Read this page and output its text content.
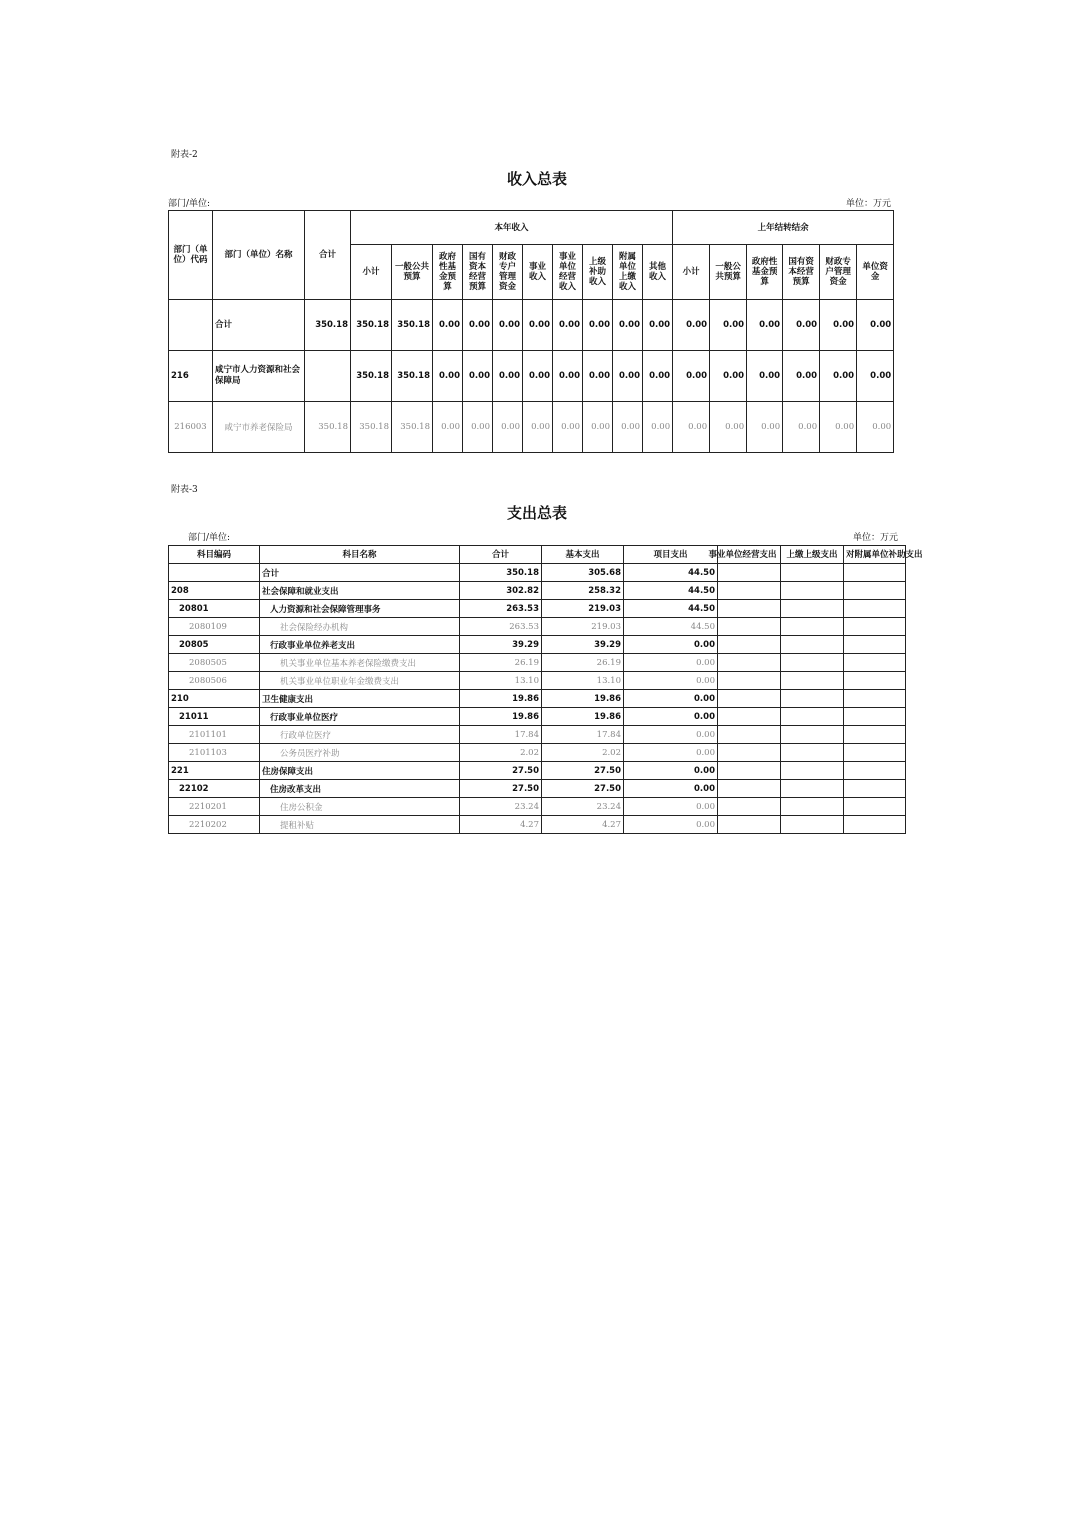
附表-2
收入总表
部门/单位:	单位：万元
部门（单位）代码	部门（单位）名称	合计	本年收入										上年结转结余					
			小计	一般公共预算	政府性基金预算	国有资本经营预算	财政专户管理资金	事业收入	事业单位经营收入	上级补助收入	附属单位上缴收入	其他收入	小计	一般公共预算	政府性基金预算	国有资本经营预算	财政专户管理资金	单位资金
	合计	350.18	350.18	350.18	0.00	0.00	0.00	0.00	0.00	0.00	0.00	0.00	0.00	0.00	0.00	0.00	0.00	0.00
216	咸宁市人力资源和社会保障局		350.18	350.18	0.00	0.00	0.00	0.00	0.00	0.00	0.00	0.00	0.00	0.00	0.00	0.00	0.00	0.00
216003	咸宁市养老保险局	350.18	350.18	350.18	0.00	0.00	0.00	0.00	0.00	0.00	0.00	0.00	0.00	0.00	0.00	0.00	0.00	0.00
附表-3
支出总表
部门/单位:	单位：万元
科目编码	科目名称	合计	基本支出	项目支出	事业单位经营支出	上缴上级支出	对附属单位补助支出
	合计	350.18	305.68	44.50			
208	社会保障和就业支出	302.82	258.32	44.50			
20801	人力资源和社会保障管理事务	263.53	219.03	44.50			
2080109	社会保险经办机构	263.53	219.03	44.50			
20805	行政事业单位养老支出	39.29	39.29	0.00			
2080505	机关事业单位基本养老保险缴费支出	26.19	26.19	0.00			
2080506	机关事业单位职业年金缴费支出	13.10	13.10	0.00			
210	卫生健康支出	19.86	19.86	0.00			
21011	行政事业单位医疗	19.86	19.86	0.00			
2101101	行政单位医疗	17.84	17.84	0.00			
2101103	公务员医疗补助	2.02	2.02	0.00			
221	住房保障支出	27.50	27.50	0.00			
22102	住房改革支出	27.50	27.50	0.00			
2210201	住房公积金	23.24	23.24	0.00			
2210202	提租补贴	4.27	4.27	0.00			
